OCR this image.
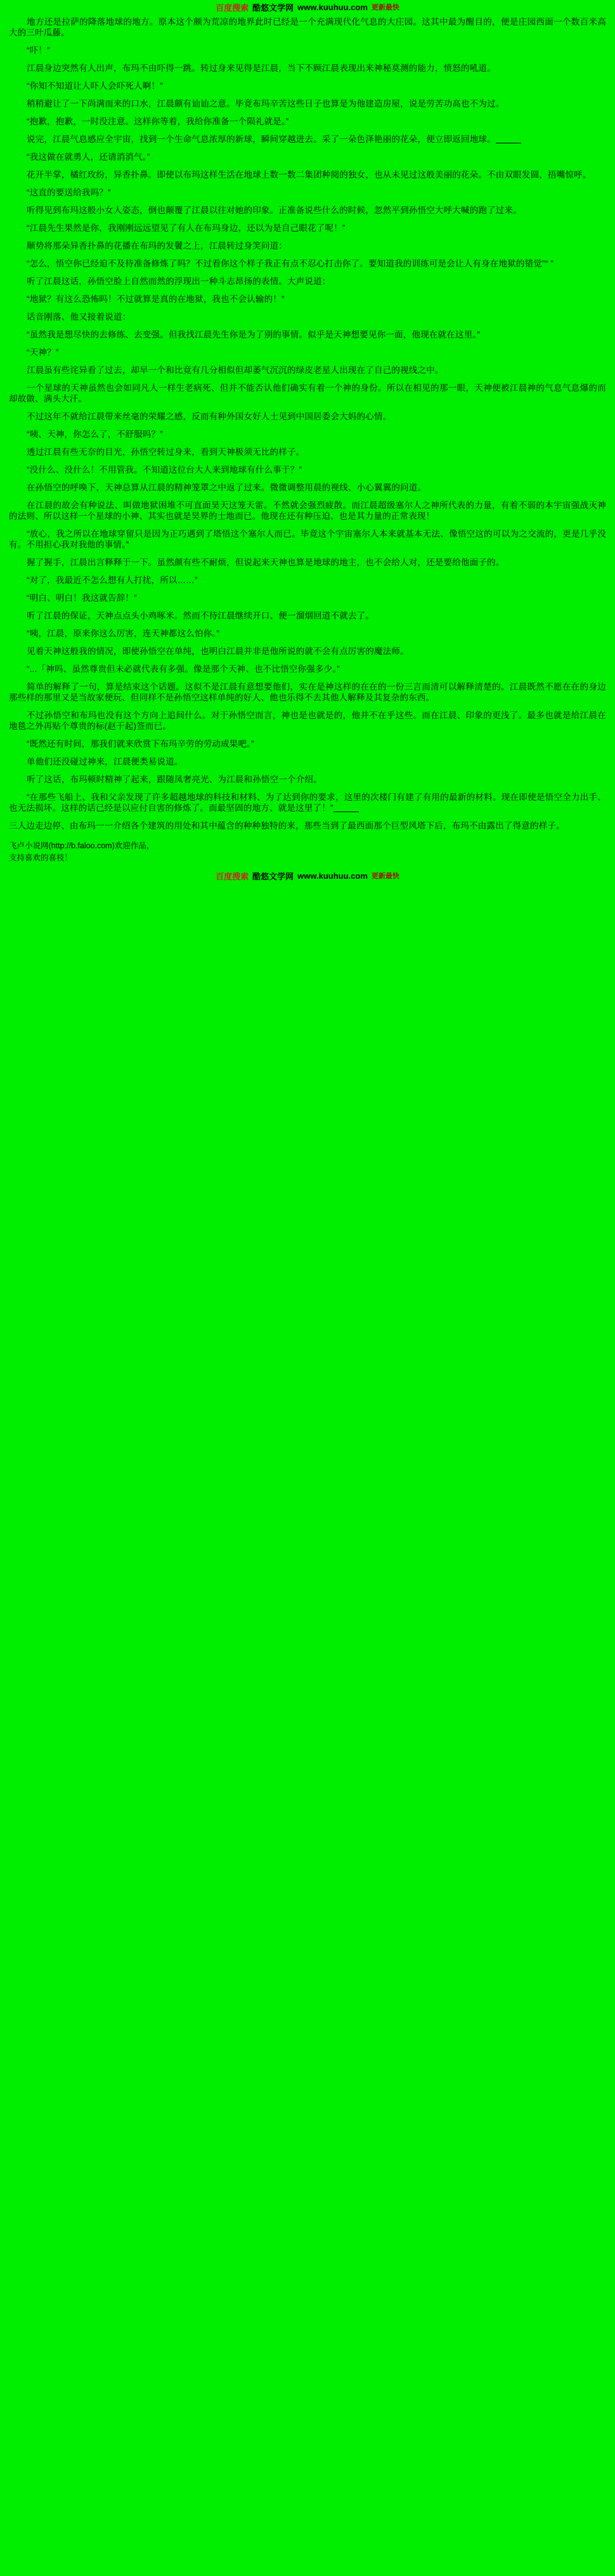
百度搜索 酷悠文学网 www.kuuhuu.com 更新最快

地方还是拉萨的降落地球的地方。原本这个颇为荒凉的地界此时已经是一个充满现代化气息的大庄园。这其中最为醒目的，便是庄园西面一个数百米高大的三叶瓜藤。

“吓！”

江晨身边突然有人出声，布玛不由吓得一跳。转过身来见得是江晨，当下不顾江晨表现出来神秘莫测的能力，愤怒的吼道。

“你知不知道让人吓人会吓死人啊！”

稍稍避让了一下尚满而来的口水，江晨颇有讪讪之意。毕竟布玛辛苦这些日子也算是为他建造房屋，说是劳苦功高也不为过。

“抱歉，抱歉，一时没注意。这样你等着，我给你准备一个陨礼就是。”

说完，江晨气息感应全宇宙，找到一个生命气息浓厚的新球，瞬间穿越进去。采了一朵色泽艳丽的花朵，便立即返回地球。

“我这做在就勇人，还请消消气。”

花开半掌，橘红玫纷，异香扑鼻。即使以布玛这样生活在地球上数一数二集团种阅的独女，也从未见过这般美丽的花朵。不由双眼发圆，捂嘴惊呼。

“这直的要送给我吗？”

听得见到布玛这般小女人姿态，倒也颠覆了江晨以往对她的印象。正准备说些什么的时候，忽然平到孙悟空大呼大喊的跑了过来。

“江晨先生果然是你，我刚刚远远望见了有人在布玛身边，还以为是自己眼花了呢！”

顺势将那朵异香扑鼻的花播在布玛的发鬢之上，江晨转过身笑问道：

“怎么，悟空你已经迫不及待准备修炼了吗？不过看你这个样子我正有点不忍心打击你了。要知道我的训练可是会让人有身在地狱的错觉”“ ”

听了江晨这话，孙悟空脸上自然而然的浮现出一种斗志昂扬的表情。大声说道：

“地狱？有这么恐怖吗！不过就算是真的在地狱，我也不会认输的！”

话音刚落、他又接着说道：

“虽然我是想尽快的去修练、去变强。但我找江晨先生你是为了别的事情。似乎是天神想要见你一面，他现在就在这里。”

“天神？”

江晨虽有些诧异看了过去，却早一个和比竟有几分相似但却萎气沉沉的绿皮老星人出现在了自己的视线之中。

一个星球的天神虽然也会如同凡人一样生老病死、但并不能否认他们确实有着一个神的身份。所以在相见的那一眼，天神便被江晨神的气息气息爆的而却故做、满头大汗。

不过这年不就给江晨带来丝毫的荣耀之感，反而有种外国女好人士见到中国居委会大妈的心情。

“咦、天神，你怎么了，不舒服吗？”

透过江晨有些无奈的目光，孙悟空转过身来，看到天神极须无比的样子。

“没什么、没什么！不用管我。不知道这位台大人来到地球有什么事于？”

在孙悟空的呼唤下，天神总算从江晨的精神笼罩之中返了过来。微微调整用晨的视线、小心翼翼的问道。

在江晨的故会有种说法、叫做地狱困堆不可直面昊天这笼天雷。不然就会强烈疲散。而江晨超级塞尔人之神所代表的力量，有着不弱的本宇宙强战灭神的法则、所以这样一个星球的小神、其实也就是昊界的士地而已。他现在还有种压迫、也是其力量的正常表现！

“放心，我之所以在地球穿留只是因为正巧遇到了塔悟这个塞尔人而已。毕竟这个宇宙塞尔人本来就基本无法、像悟空这的可以为之交流的，更是几乎没有。不用担心我对我他的事情。”

握了握手，江晨出言释释于一下。虽然颜有些不耐烦，但说起来天神也算是地球的地主，也不会给人对，还是要给他面子的。

“对了，我最近不怎么想有人打扰，所以……”

“明白、明白！我这就告辞！”

听了江晨的保证，天神点点头小鸡啄米。然而不待江晨继续开口、便一溜烟回道不就去了。

“咦，江晨，原来你这么厉害，连天神都这么怕你。”

见着天神这般我的情况，即使孙悟空在单纯，也明白江晨并非是他所说的就不会有点厉害的魔法师。

“...「神吗、虽然尊贵但未必就代表有多强。像是那个天神、也不比悟空你强多少。”

简单的解释了一句，算是结束这个话题。这似不是江晨有意想要他们，实在是神这样的在在的一份三言而清可以解释清楚的。江晨既然不愿在在的身边那些样的那里又是当故家便玩、但同样不是孙悟空这样单纯的好人、他也乐得不去其他人解释及其复杂的东西。

不过孙悟空和布玛也没有这个方向上追间什么。对于孙悟空而言，神也是也就是的，他并不在乎这些。而在江晨、印象的更浅了。最多也就是给江晨在地毯之外再贴个尊贵的标(赵干起)签而已。

“既然还有时间，那我们就来欣赏下布玛辛劳的劳动成果吧。”

单他们还没碰过神来，江晨便类易说道。

听了这话，布玛顿时精神了起来，跟随凤奢亮光、为江晨和孙悟空一个介绍。

“在那些飞船上、我和父亲发现了许多超越地球的科技和材料、为了达到你的要求，这里的次楼门有建了有用的最新的材料。现在即使是悟空全力出手、也无法损坏。这样的话已经是以应付自害的修炼了。而最坚固的地方、就是这里了！”

三人边走边停、由布玛一一介绍各个建筑的用处和其中蕴含的种种独特的来，那些当到了最西面那个巨型风塔下后，布玛不由露出了得意的样子。

飞卢小说网(http://b.faloo.com)欢迎作品，
支持喜欢的喜枝！
百度搜索 酷悠文学网 www.kuuhuu.com 更新最快
